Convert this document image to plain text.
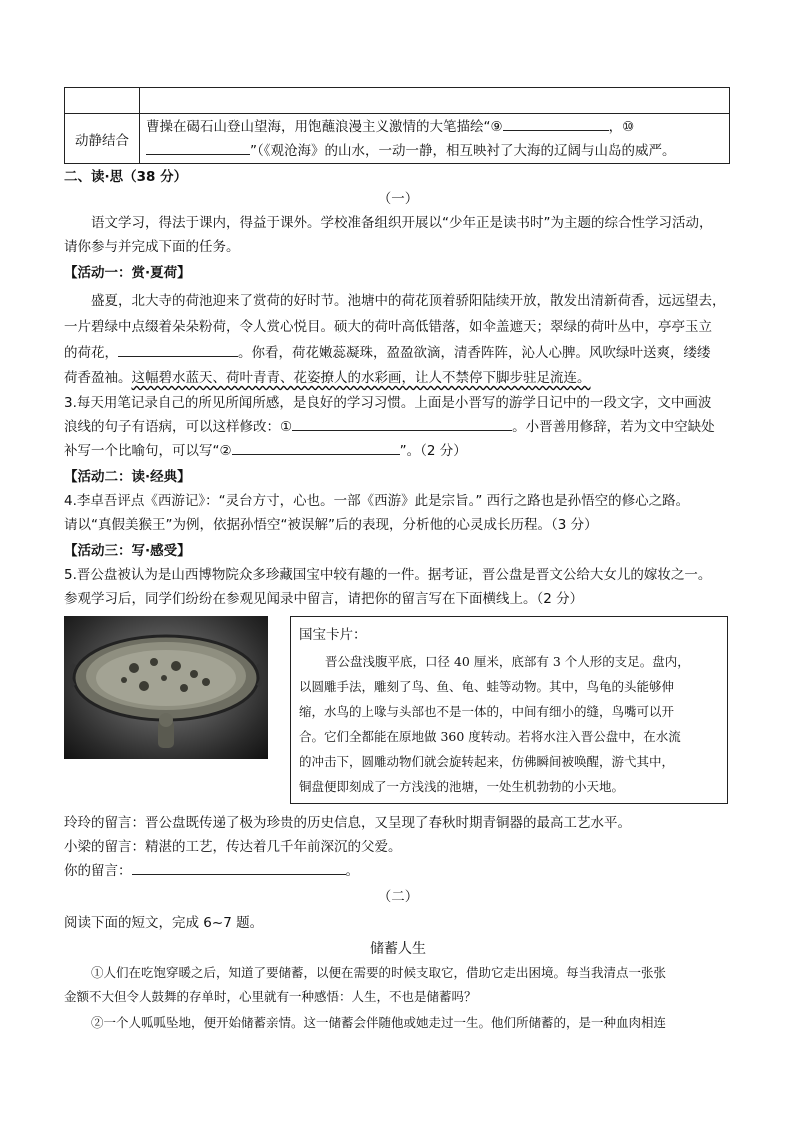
动静结合	曹操在碣石山登山望海，用饱蘸浪漫主义激情的大笔描绘“⑨ ，⑩
”（《观沧海》的山水，一动一静，相互映衬了大海的辽阔与山岛的威严。
二、读·思（38 分）
（一）
语文学习，得法于课内，得益于课外。学校准备组织开展以“少年正是读书时”为主题的综合性学习活动，
请你参与并完成下面的任务。
【活动一：赏·夏荷】
盛夏，北大寺的荷池迎来了赏荷的好时节。池塘中的荷花顶着骄阳陆续开放，散发出清新荷香，远远望去，
一片碧绿中点缀着朵朵粉荷，令人赏心悦目。硕大的荷叶高低错落，如伞盖遮天；翠绿的荷叶丛中，亭亭玉立
的荷花，	。你看，荷花嫩蕊凝珠，盈盈欲滴，清香阵阵，沁人心脾。风吹绿叶送爽，缕缕
荷香盈袖。这幅碧水蓝天、荷叶青青、花姿撩人的水彩画，让人不禁停下脚步驻足流连。
3.每天用笔记录自己的所见所闻所感，是良好的学习习惯。上面是小晋写的游学日记中的一段文字，文中画波
浪线的句子有语病，可以这样修改：①	。小晋善用修辞，若为文中空缺处
补写一个比喻句，可以写“②	”。（2 分）
【活动二：读·经典】
4.李卓吾评点《西游记》：“灵台方寸，心也。一部《西游》此是宗旨。” 西行之路也是孙悟空的修心之路。
请以“真假美猴王”为例，依据孙悟空“被误解”后的表现，分析他的心灵成长历程。（3 分）
【活动三：写·感受】
5.晋公盘被认为是山西博物院众多珍藏国宝中较有趣的一件。据考证，晋公盘是晋文公给大女儿的嫁妆之一。
参观学习后，同学们纷纷在参观见闻录中留言，请把你的留言写在下面横线上。（2 分）
国宝卡片：
晋公盘浅腹平底，口径 40 厘米，底部有 3 个人形的支足。盘内，
以圆雕手法，雕刻了鸟、鱼、龟、蛙等动物。其中，鸟龟的头能够伸
缩，水鸟的上喙与头部也不是一体的，中间有细小的缝，鸟嘴可以开
合。它们全都能在原地做 360 度转动。若将水注入晋公盘中，在水流
的冲击下，圆雕动物们就会旋转起来，仿佛瞬间被唤醒，游弋其中，
铜盘便即刻成了一方浅浅的池塘，一处生机勃勃的小天地。
玲玲的留言：晋公盘既传递了极为珍贵的历史信息，又呈现了春秋时期青铜器的最高工艺水平。
小梁的留言：精湛的工艺，传达着几千年前深沉的父爱。
你的留言：	。
（二）
阅读下面的短文，完成 6~7 题。
储蓄人生
①人们在吃饱穿暖之后，知道了要储蓄，以便在需要的时候支取它，借助它走出困境。每当我清点一张张
金额不大但令人鼓舞的存单时，心里就有一种感悟：人生，不也是储蓄吗？
②一个人呱呱坠地，便开始储蓄亲情。这一储蓄会伴随他或她走过一生。他们所储蓄的，是一种血肉相连
